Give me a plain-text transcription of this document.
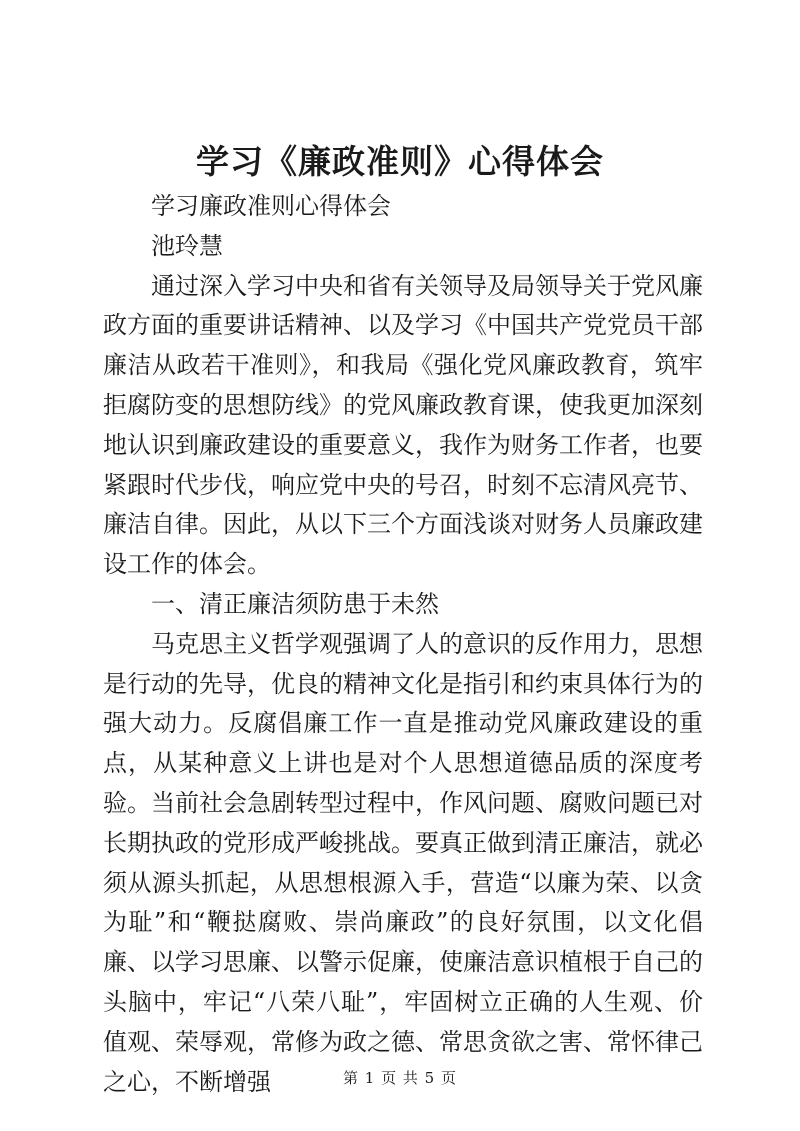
学习《廉政准则》心得体会

学习廉政准则心得体会

池玲慧

通过深入学习中央和省有关领导及局领导关于党风廉政方面的重要讲话精神、以及学习《中国共产党党员干部廉洁从政若干准则》，和我局《强化党风廉政教育，筑牢拒腐防变的思想防线》的党风廉政教育课，使我更加深刻地认识到廉政建设的重要意义，我作为财务工作者，也要紧跟时代步伐，响应党中央的号召，时刻不忘清风亮节、廉洁自律。因此，从以下三个方面浅谈对财务人员廉政建设工作的体会。

一、清正廉洁须防患于未然

马克思主义哲学观强调了人的意识的反作用力，思想是行动的先导，优良的精神文化是指引和约束具体行为的强大动力。反腐倡廉工作一直是推动党风廉政建设的重点，从某种意义上讲也是对个人思想道德品质的深度考验。当前社会急剧转型过程中，作风问题、腐败问题已对长期执政的党形成严峻挑战。要真正做到清正廉洁，就必须从源头抓起，从思想根源入手，营造“以廉为荣、以贪为耻”和“鞭挞腐败、崇尚廉政”的良好氛围，以文化倡廉、以学习思廉、以警示促廉，使廉洁意识植根于自己的头脑中，牢记“八荣八耻”，牢固树立正确的人生观、价值观、荣辱观，常修为政之德、常思贪欲之害、常怀律己之心，不断增强	第 1 页 共 5 页
